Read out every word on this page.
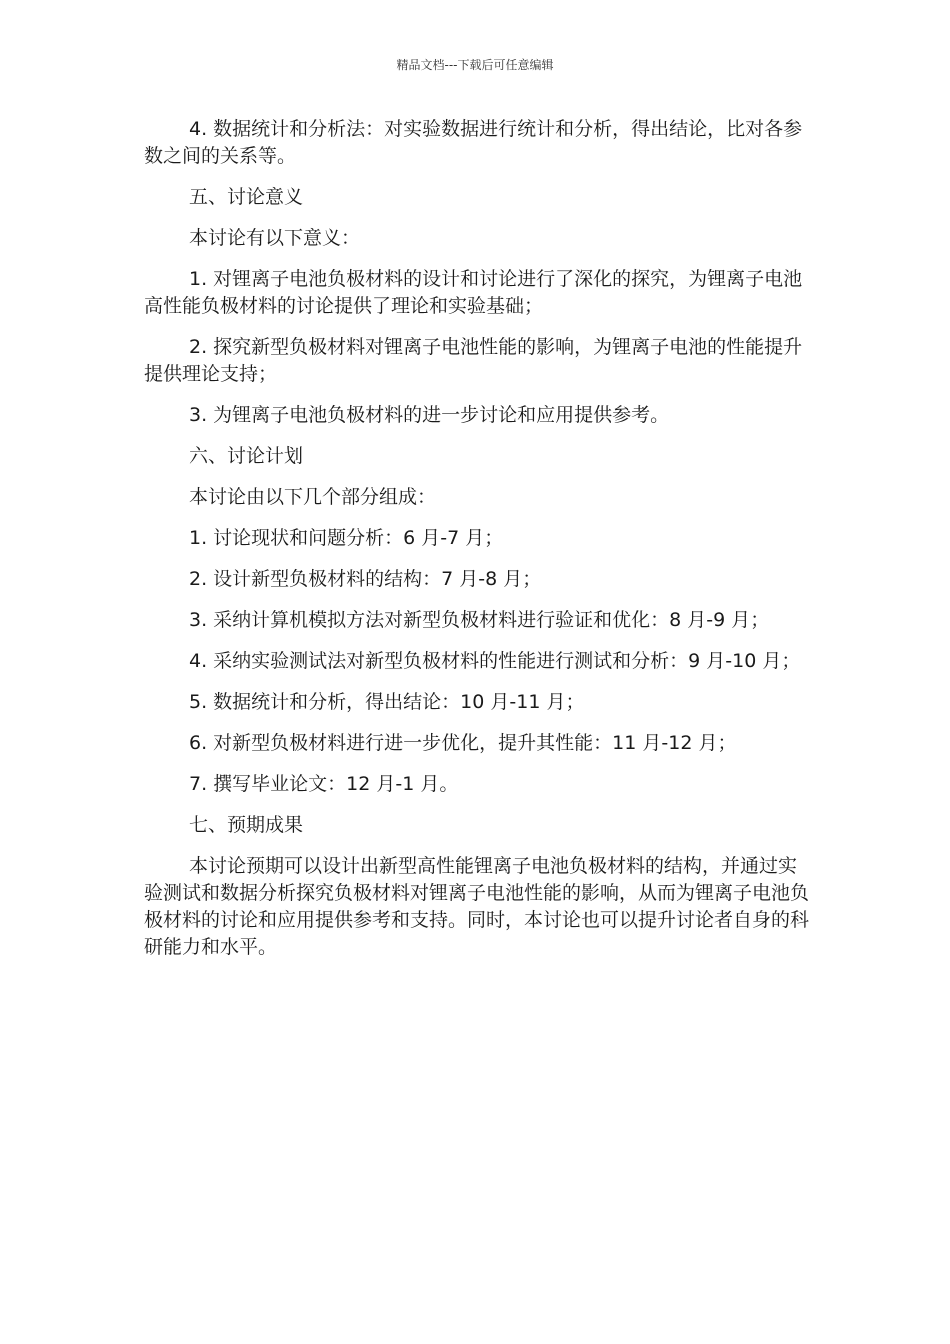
精品文档---下载后可任意编辑

4. 数据统计和分析法：对实验数据进行统计和分析，得出结论，比对各参数之间的关系等。

五、讨论意义

本讨论有以下意义：

1. 对锂离子电池负极材料的设计和讨论进行了深化的探究，为锂离子电池高性能负极材料的讨论提供了理论和实验基础；

2. 探究新型负极材料对锂离子电池性能的影响，为锂离子电池的性能提升提供理论支持；

3. 为锂离子电池负极材料的进一步讨论和应用提供参考。

六、讨论计划

本讨论由以下几个部分组成：

1. 讨论现状和问题分析：6 月-7 月；

2. 设计新型负极材料的结构：7 月-8 月；

3. 采纳计算机模拟方法对新型负极材料进行验证和优化：8 月-9 月；

4. 采纳实验测试法对新型负极材料的性能进行测试和分析：9 月-10 月；

5. 数据统计和分析，得出结论：10 月-11 月；

6. 对新型负极材料进行进一步优化，提升其性能：11 月-12 月；

7. 撰写毕业论文：12 月-1 月。

七、预期成果

本讨论预期可以设计出新型高性能锂离子电池负极材料的结构，并通过实验测试和数据分析探究负极材料对锂离子电池性能的影响，从而为锂离子电池负极材料的讨论和应用提供参考和支持。同时，本讨论也可以提升讨论者自身的科研能力和水平。
